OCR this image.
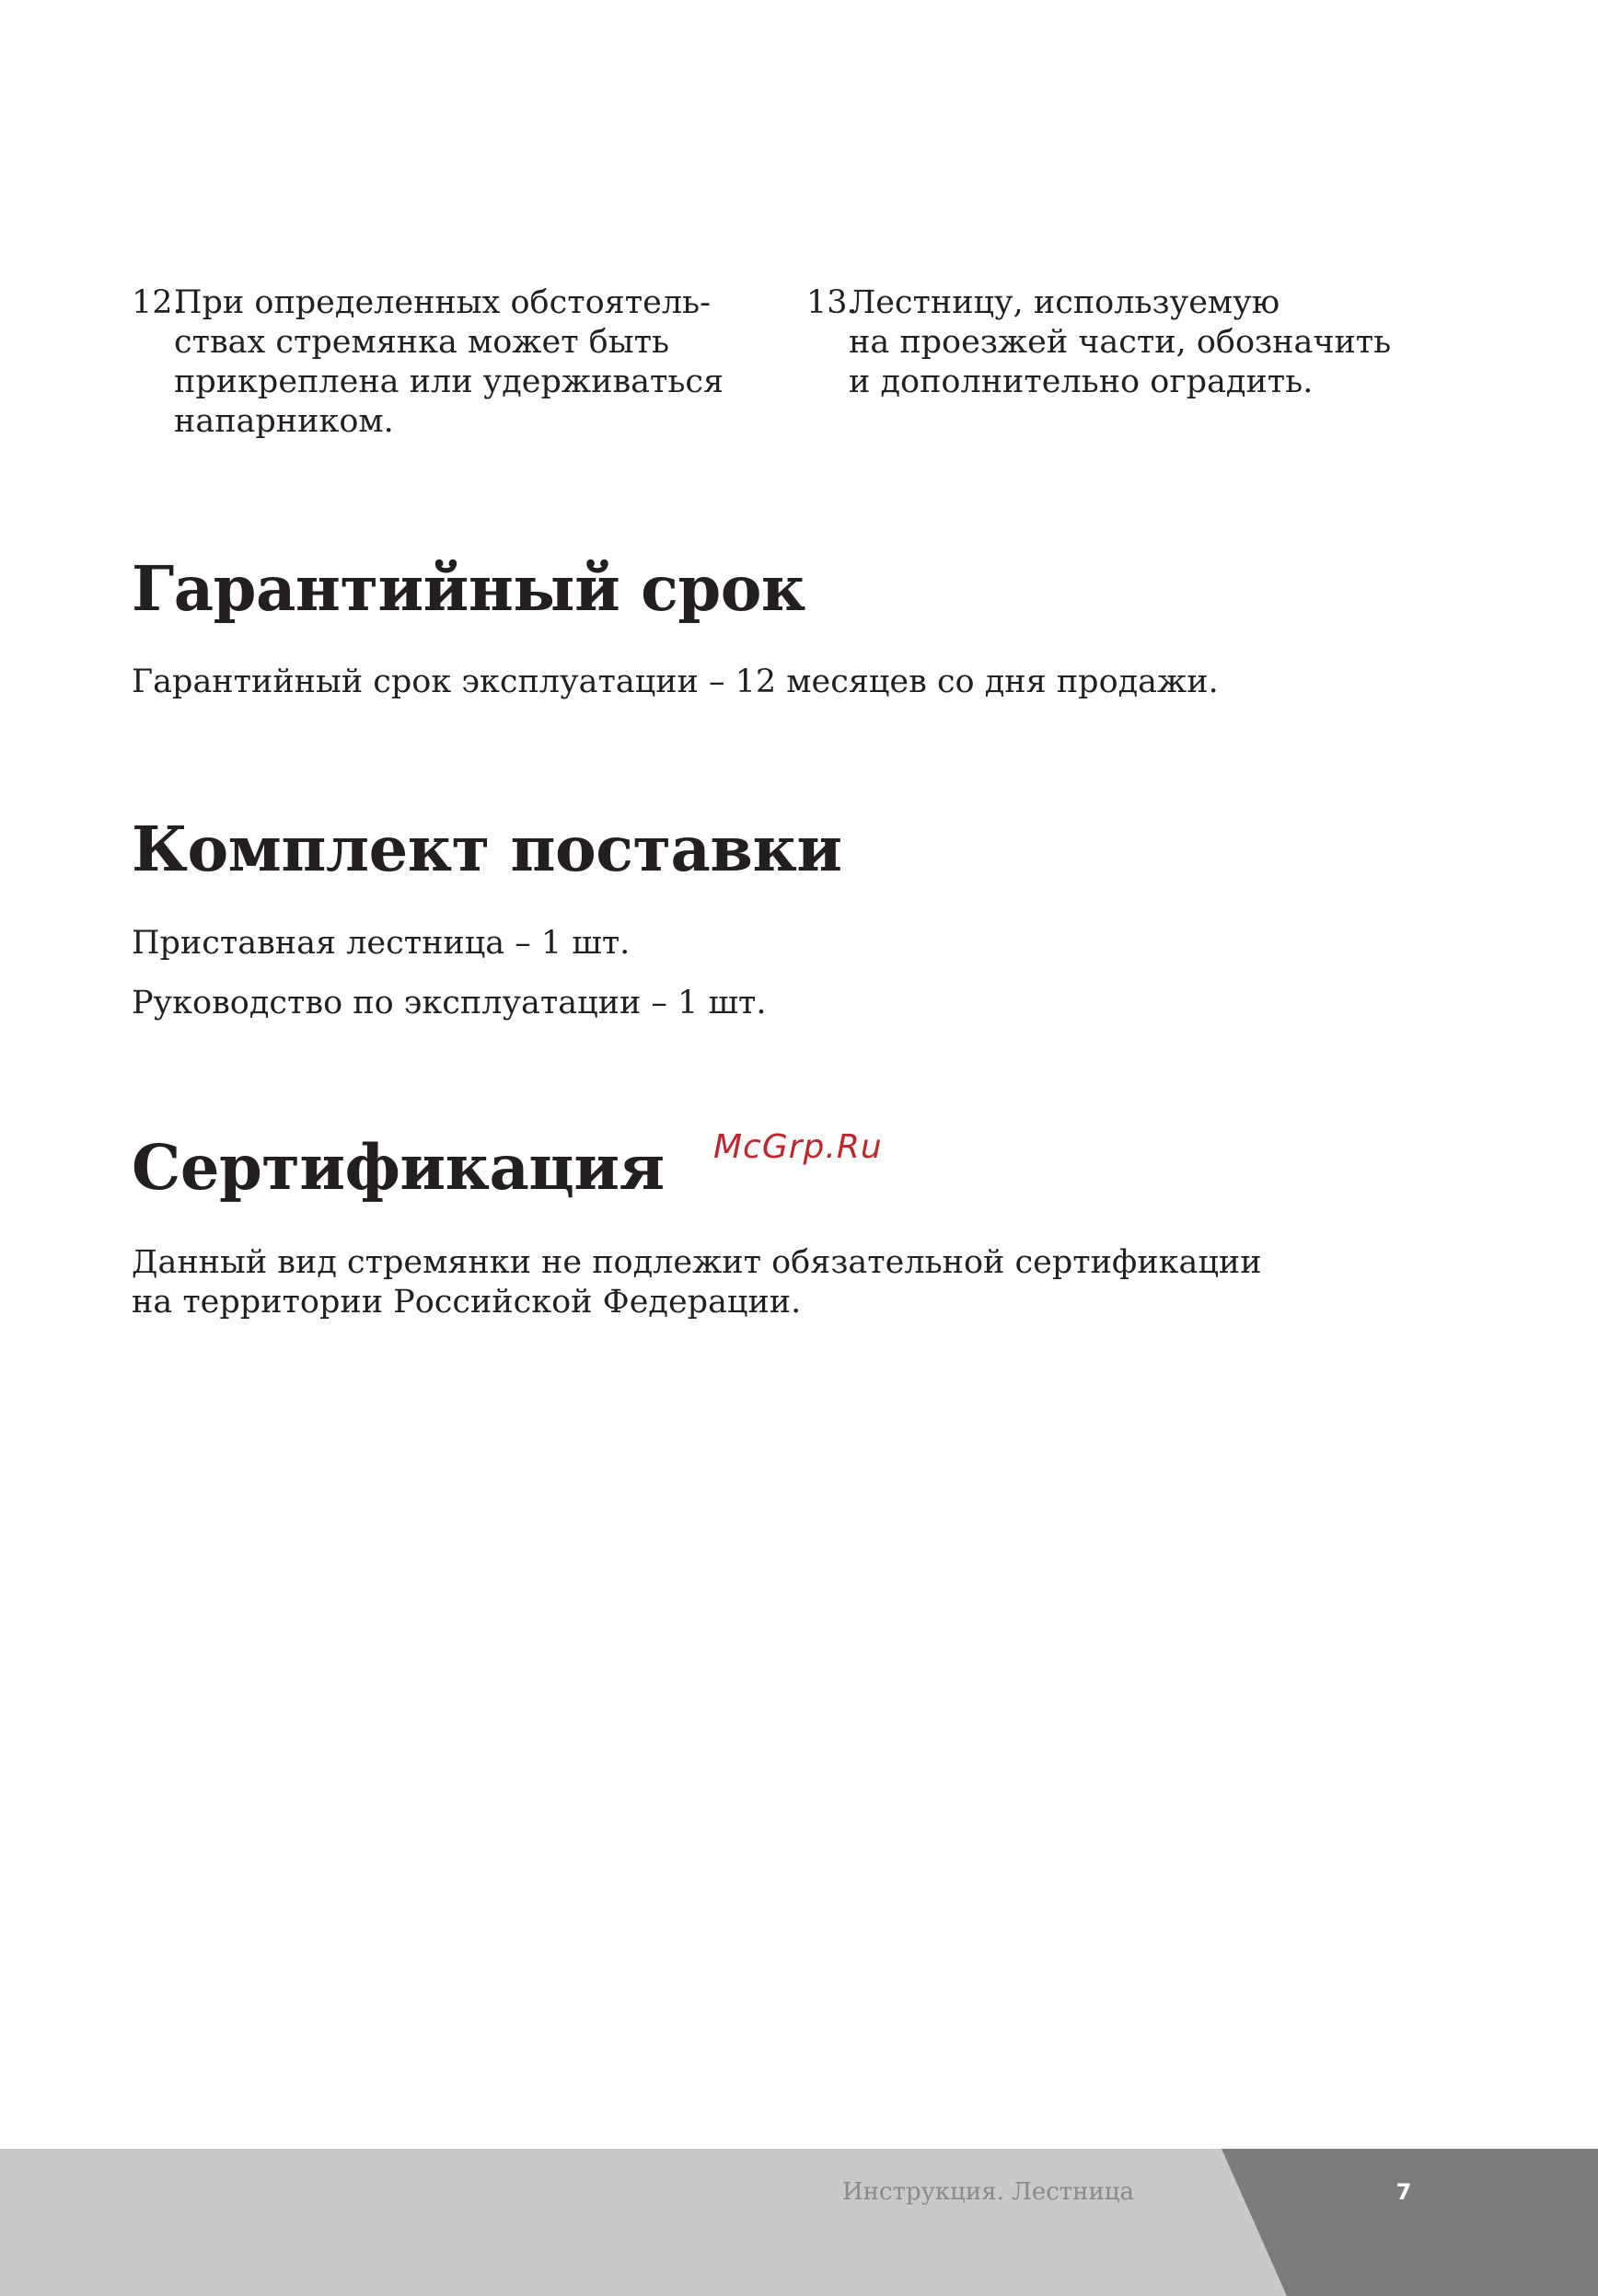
12.
При определенных обстоятель-
ствах стремянка может быть
прикреплена или удерживаться
напарником.
13.
Лестницу, используемую
на проезжей части, обозначить
и дополнительно оградить.
Гарантийный срок
Гарантийный срок эксплуатации – 12 месяцев со дня продажи.
Комплект поставки
Приставная лестница – 1 шт.
Руководство по эксплуатации – 1 шт.
Сертификация McGrp.Ru
Данный вид стремянки не подлежит обязательной сертификации
на территории Российской Федерации.
Инструкция. Лестница	7
